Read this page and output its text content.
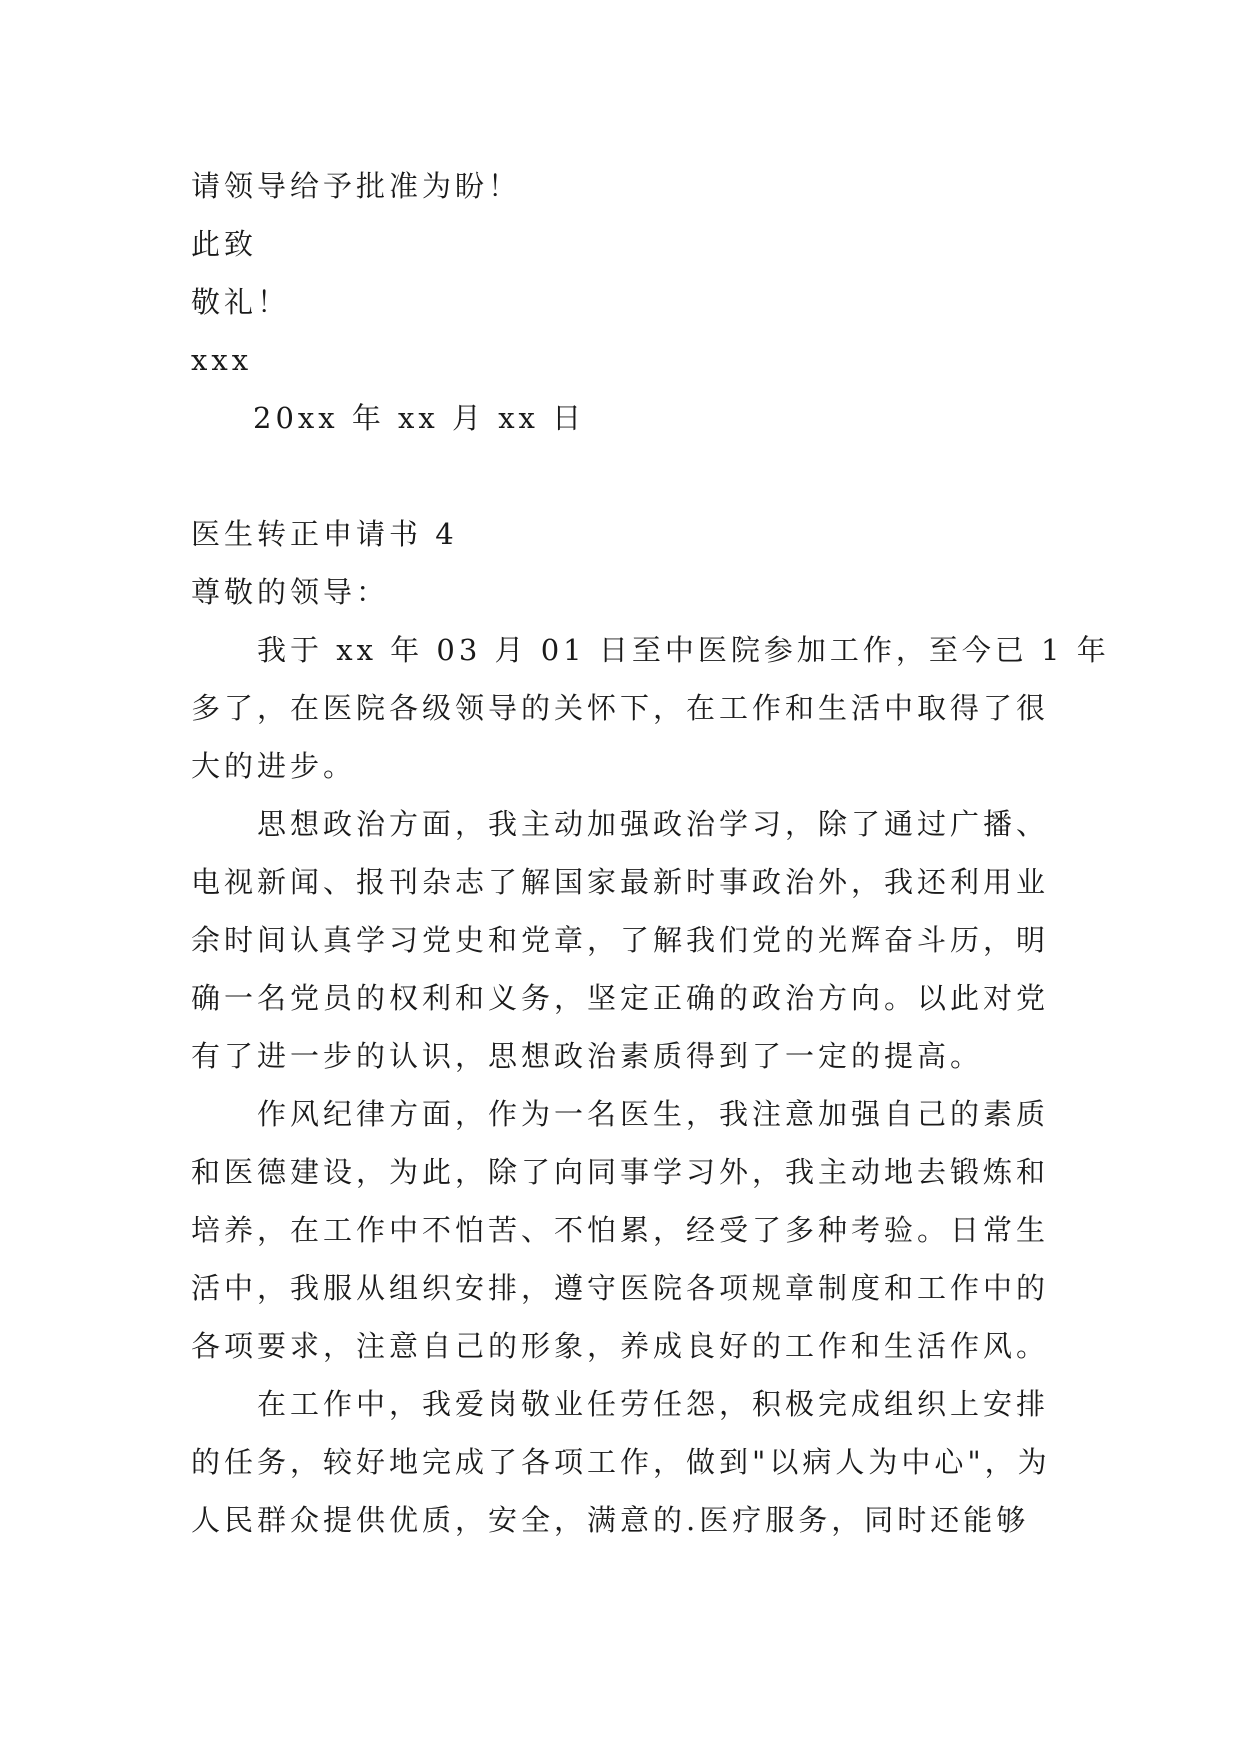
请领导给予批准为盼！
此致
敬礼！
xxx
20xx 年 xx 月 xx 日
医生转正申请书 4
尊敬的领导：
我于 xx 年 03 月 01 日至中医院参加工作，至今已 1 年
多了，在医院各级领导的关怀下，在工作和生活中取得了很
大的进步。
思想政治方面，我主动加强政治学习，除了通过广播、
电视新闻、报刊杂志了解国家最新时事政治外，我还利用业
余时间认真学习党史和党章，了解我们党的光辉奋斗历，明
确一名党员的权利和义务，坚定正确的政治方向。以此对党
有了进一步的认识，思想政治素质得到了一定的提高。
作风纪律方面，作为一名医生，我注意加强自己的素质
和医德建设，为此，除了向同事学习外，我主动地去锻炼和
培养，在工作中不怕苦、不怕累，经受了多种考验。日常生
活中，我服从组织安排，遵守医院各项规章制度和工作中的
各项要求，注意自己的形象，养成良好的工作和生活作风。
在工作中，我爱岗敬业任劳任怨，积极完成组织上安排
的任务，较好地完成了各项工作，做到"以病人为中心"，为
人民群众提供优质，安全，满意的.医疗服务，同时还能够
